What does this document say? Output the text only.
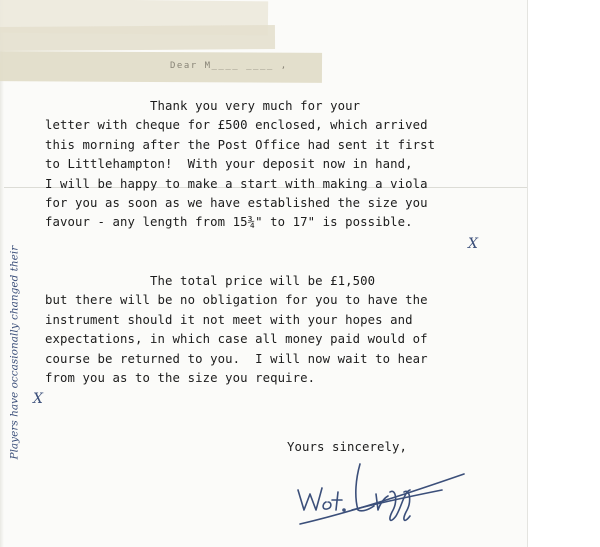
Dear M____ ____ ,

Thank you very much for your
letter with cheque for £500 enclosed, which arrived
this morning after the Post Office had sent it first
to Littlehampton!  With your deposit now in hand,
I will be happy to make a start with making a viola
for you as soon as we have established the size you
favour - any length from 15¾" to 17" is possible.

X

The total price will be £1,500
but there will be no obligation for you to have the
instrument should it not meet with your hopes and
expectations, in which case all money paid would of
course be returned to you.  I will now wait to hear
from you as to the size you require.

X

Yours sincerely,

Players have occasionally changed their
